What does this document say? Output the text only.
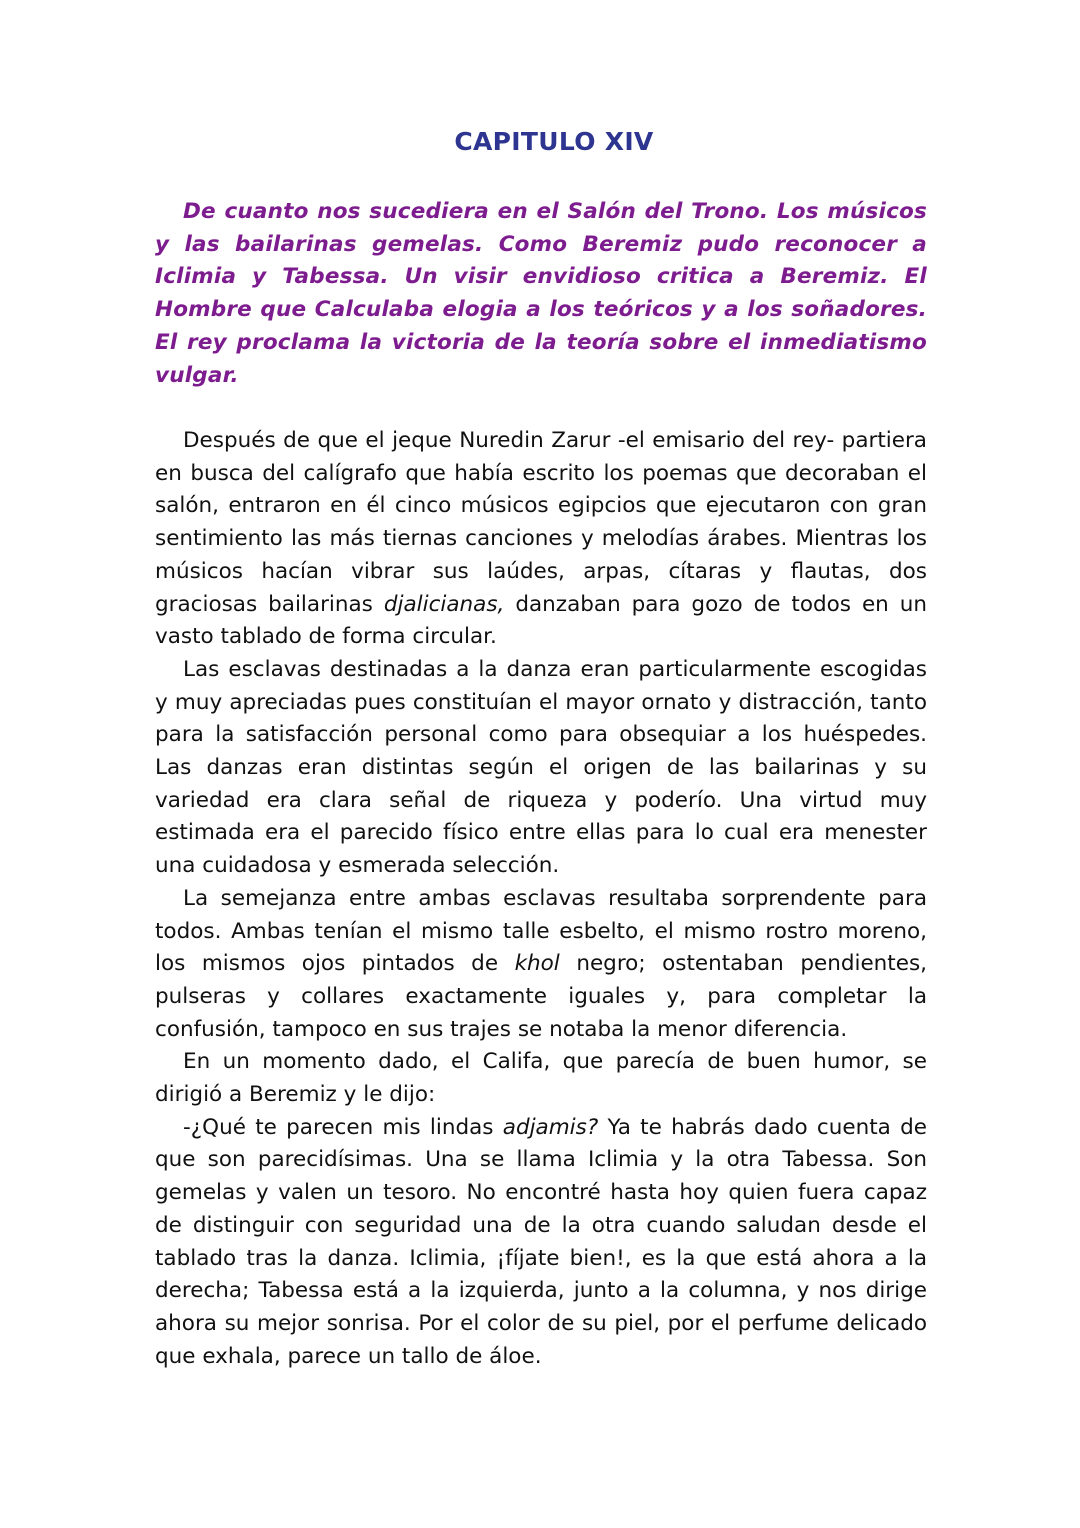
CAPITULO XIV

De cuanto nos sucediera en el Salón del Trono. Los músicos y las bailarinas gemelas. Como Beremiz pudo reconocer a Iclimia y Tabessa. Un visir envidioso critica a Beremiz. El Hombre que Calculaba elogia a los teóricos y a los soñadores. El rey proclama la victoria de la teoría sobre el inmediatismo vulgar.

Después de que el jeque Nuredin Zarur -el emisario del rey- partiera en busca del calígrafo que había escrito los poemas que decoraban el salón, entraron en él cinco músicos egipcios que ejecutaron con gran sentimiento las más tiernas canciones y melodías árabes. Mientras los músicos hacían vibrar sus laúdes, arpas, cítaras y flautas, dos graciosas bailarinas djalicianas, danzaban para gozo de todos en un vasto tablado de forma circular.

Las esclavas destinadas a la danza eran particularmente escogidas y muy apreciadas pues constituían el mayor ornato y distracción, tanto para la satisfacción personal como para obsequiar a los huéspedes. Las danzas eran distintas según el origen de las bailarinas y su variedad era clara señal de riqueza y poderío. Una virtud muy estimada era el parecido físico entre ellas para lo cual era menester una cuidadosa y esmerada selección.

La semejanza entre ambas esclavas resultaba sorprendente para todos. Ambas tenían el mismo talle esbelto, el mismo rostro moreno, los mismos ojos pintados de khol negro; ostentaban pendientes, pulseras y collares exactamente iguales y, para completar la confusión, tampoco en sus trajes se notaba la menor diferencia.

En un momento dado, el Califa, que parecía de buen humor, se dirigió a Beremiz y le dijo:

-¿Qué te parecen mis lindas adjamis? Ya te habrás dado cuenta de que son parecidísimas. Una se llama Iclimia y la otra Tabessa. Son gemelas y valen un tesoro. No encontré hasta hoy quien fuera capaz de distinguir con seguridad una de la otra cuando saludan desde el tablado tras la danza. Iclimia, ¡fíjate bien!, es la que está ahora a la derecha; Tabessa está a la izquierda, junto a la columna, y nos dirige ahora su mejor sonrisa. Por el color de su piel, por el perfume delicado que exhala, parece un tallo de áloe.
